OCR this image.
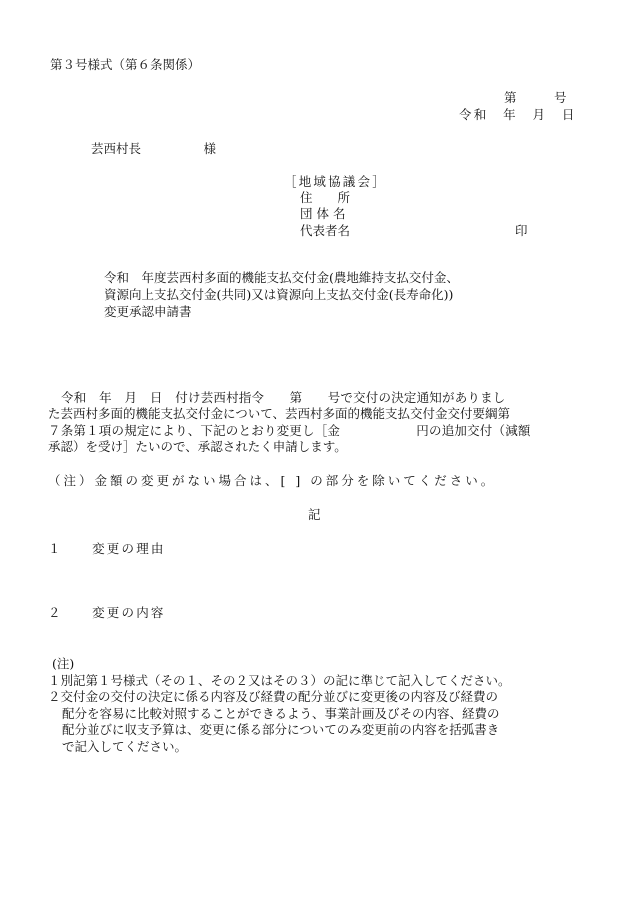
第３号様式（第６条関係）
第　　　号
令和　年　月　日
芸西村長　　　　　様
［地域協議会］
住　　所
団 体 名
代表者名	印
令和　年度芸西村多面的機能支払交付金(農地維持支払交付金、
資源向上支払交付金(共同)又は資源向上支払交付金(長寿命化))
変更承認申請書
令和　年　月　日　付け芸西村指令　　第　　号で交付の決定通知がありまし
た芸西村多面的機能支払交付金について、芸西村多面的機能支払交付金交付要綱第
７条第１項の規定により、下記のとおり変更し［金　　　　　　円の追加交付（減額
承認）を受け］たいので、承認されたく申請します。
（注）金額の変更がない場合は、[ ] の部分を除いてください。
記
１　　変更の理由
２　　変更の内容
(注)
１別記第１号様式（その１、その２又はその３）の記に準じて記入してください。
２交付金の交付の決定に係る内容及び経費の配分並びに変更後の内容及び経費の
配分を容易に比較対照することができるよう、事業計画及びその内容、経費の
配分並びに収支予算は、変更に係る部分についてのみ変更前の内容を括弧書き
で記入してください。
